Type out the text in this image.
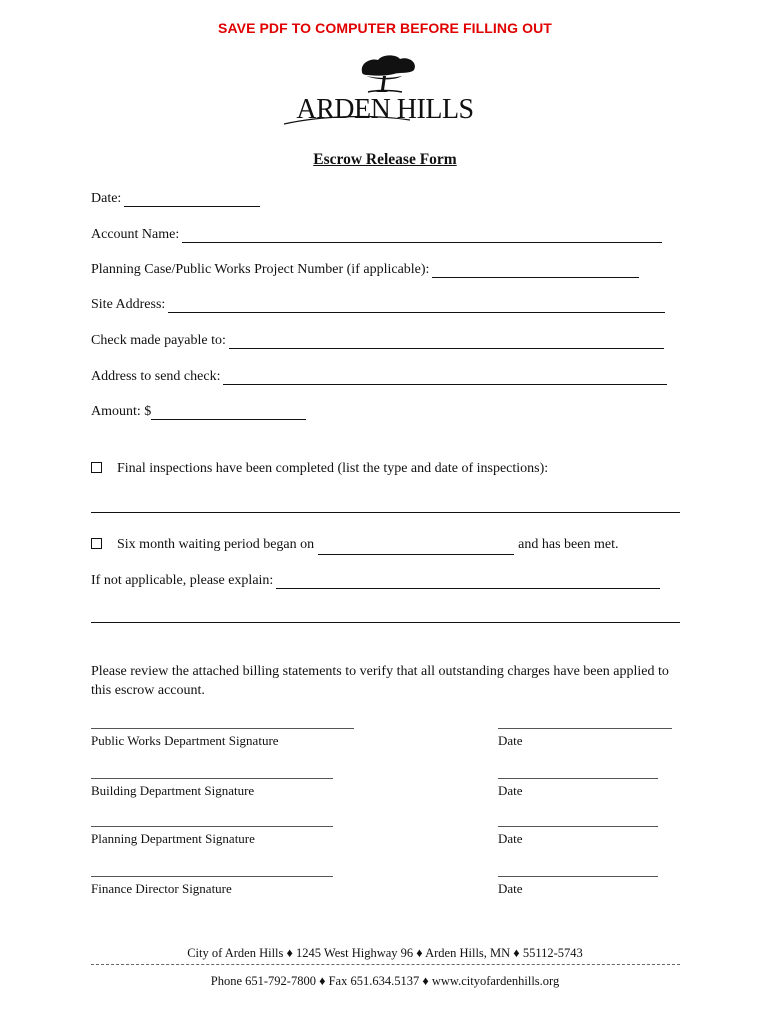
SAVE PDF TO COMPUTER BEFORE FILLING OUT
ARDEN HILLS
Escrow Release Form
Date:
Account Name:
Planning Case/Public Works Project Number (if applicable):
Site Address:
Check made payable to:
Address to send check:
Amount: $
Final inspections have been completed (list the type and date of inspections):
Six month waiting period began on	and has been met.
If not applicable, please explain:
Please review the attached billing statements to verify that all outstanding charges have been applied to this escrow account.
Public Works Department Signature	Date
Building Department Signature	Date
Planning Department Signature	Date
Finance Director Signature	Date
City of Arden Hills ♦ 1245 West Highway 96 ♦ Arden Hills, MN ♦ 55112-5743
Phone 651-792-7800 ♦ Fax 651.634.5137 ♦ www.cityofardenhills.org
